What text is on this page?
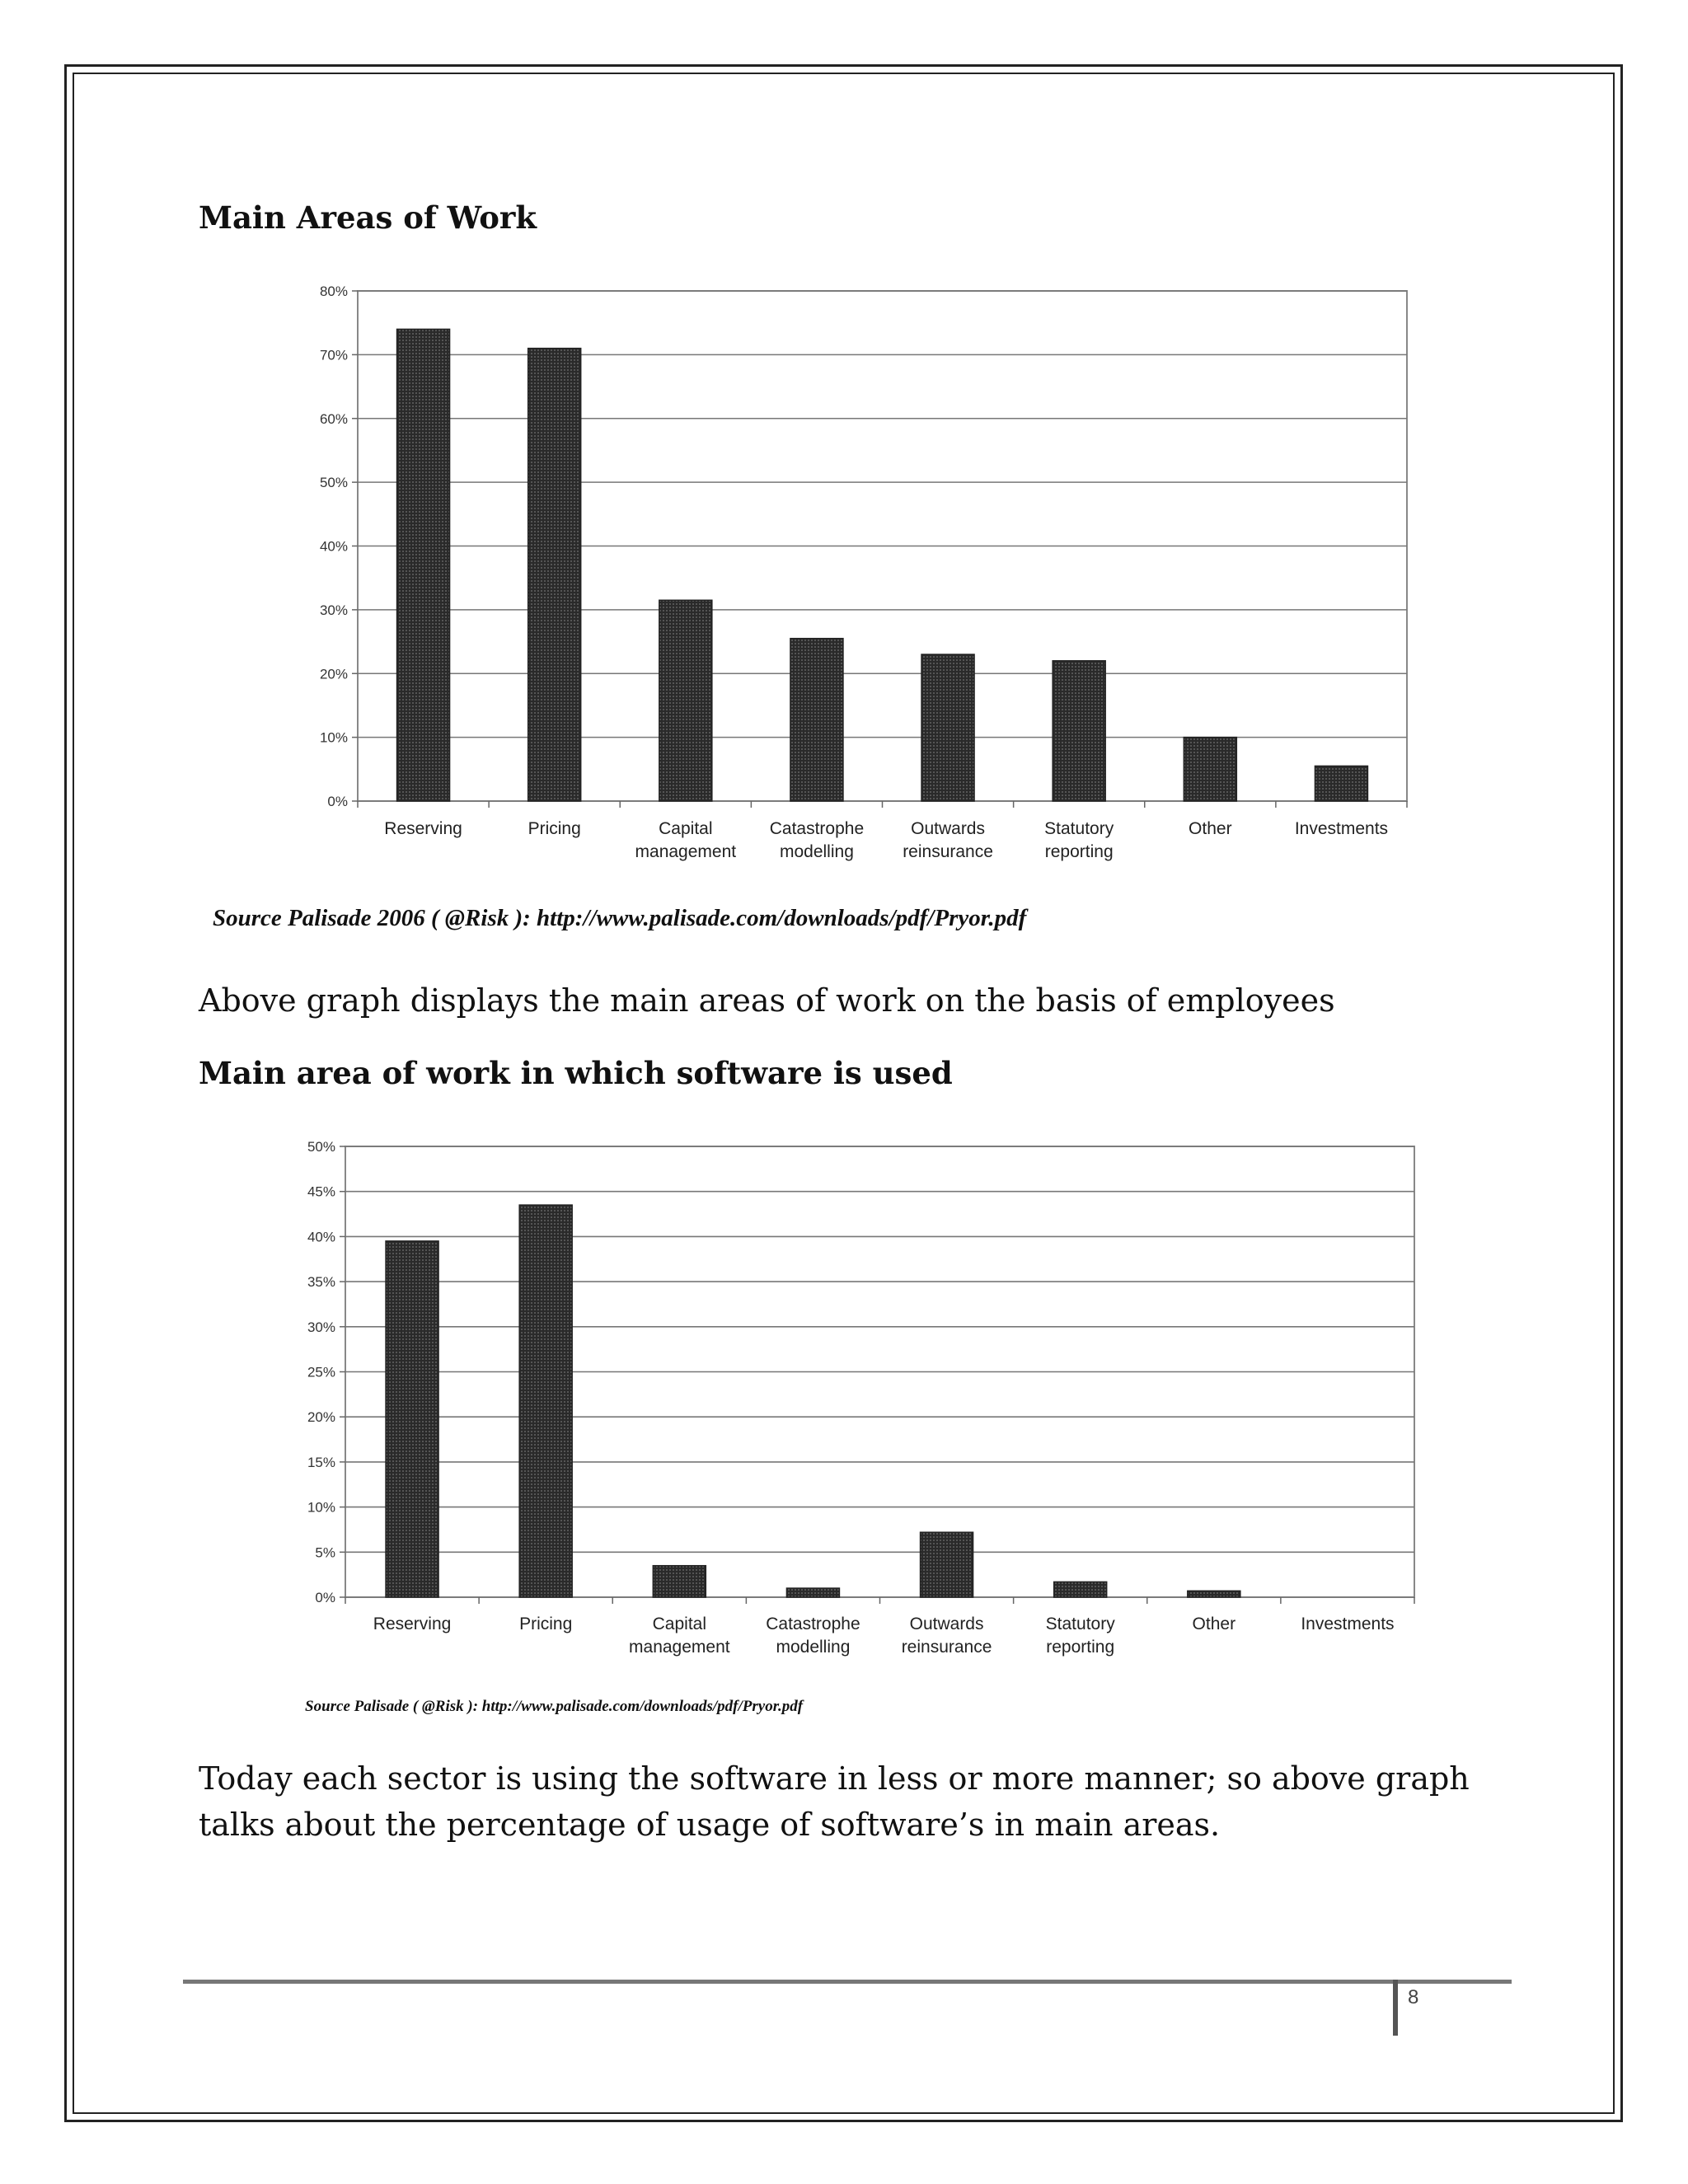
Main Areas of Work
0%
10%
20%
30%
40%
50%
60%
70%
80%
Reserving	Pricing	Capital management
Catastrophe modelling
Outwards reinsurance
Statutory reporting
Other	Investments
Source Palisade 2006 ( @Risk ): http://www.palisade.com/downloads/pdf/Pryor.pdf
Above graph displays the main areas of work on the basis of employees
Main area of work in which software is used
0%
5%
10%
15%
20%
25%
30%
35%
40%
45%
50%
Reserving	Pricing	Capital management
Catastrophe modelling
Outwards reinsurance
Statutory reporting
Other	Investments
Source Palisade ( @Risk ): http://www.palisade.com/downloads/pdf/Pryor.pdf
Today each sector is using the software in less or more manner; so above graph talks about the percentage of usage of software’s in main areas.
8
